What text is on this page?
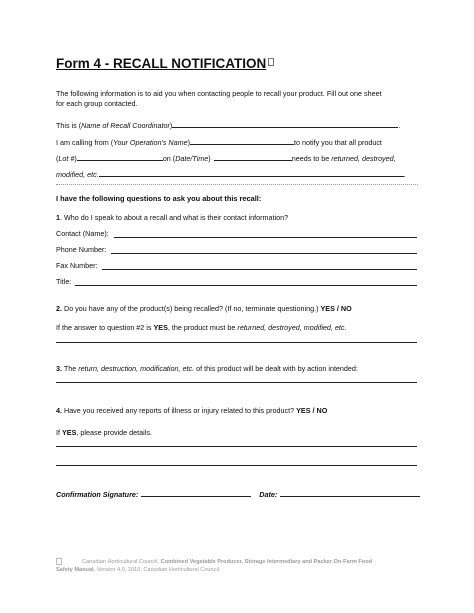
Form 4 - RECALL NOTIFICATION
The following information is to aid you when contacting people to recall your product. Fill out one sheet
for each group contacted.
This is (Name of Recall Coordinator)	.
I am calling from (Your Operation's Name)	to notify you that all product
(Lot #)	on (Date/Time)	needs to be returned, destroyed,
modified, etc.	.
I have the following questions to ask you about this recall:
1. Who do I speak to about a recall and what is their contact information?
Contact (Name):
Phone Number:
Fax Number:
Title:
2. Do you have any of the product(s) being recalled? (If no, terminate questioning.) YES / NO
If the answer to question #2 is YES, the product must be returned, destroyed, modified, etc.
3. The return, destruction, modification, etc. of this product will be dealt with by action intended:
4. Have you received any reports of illness or injury related to this product? YES / NO
If YES, please provide details.
Confirmation Signature:	Date:
Canadian Horticultural Council, Combined Vegetable Producer, Storage Intermediary and Packer On-Farm Food
Safety Manual, Version 4.0, 2010, Canadian Horticultural Council.
